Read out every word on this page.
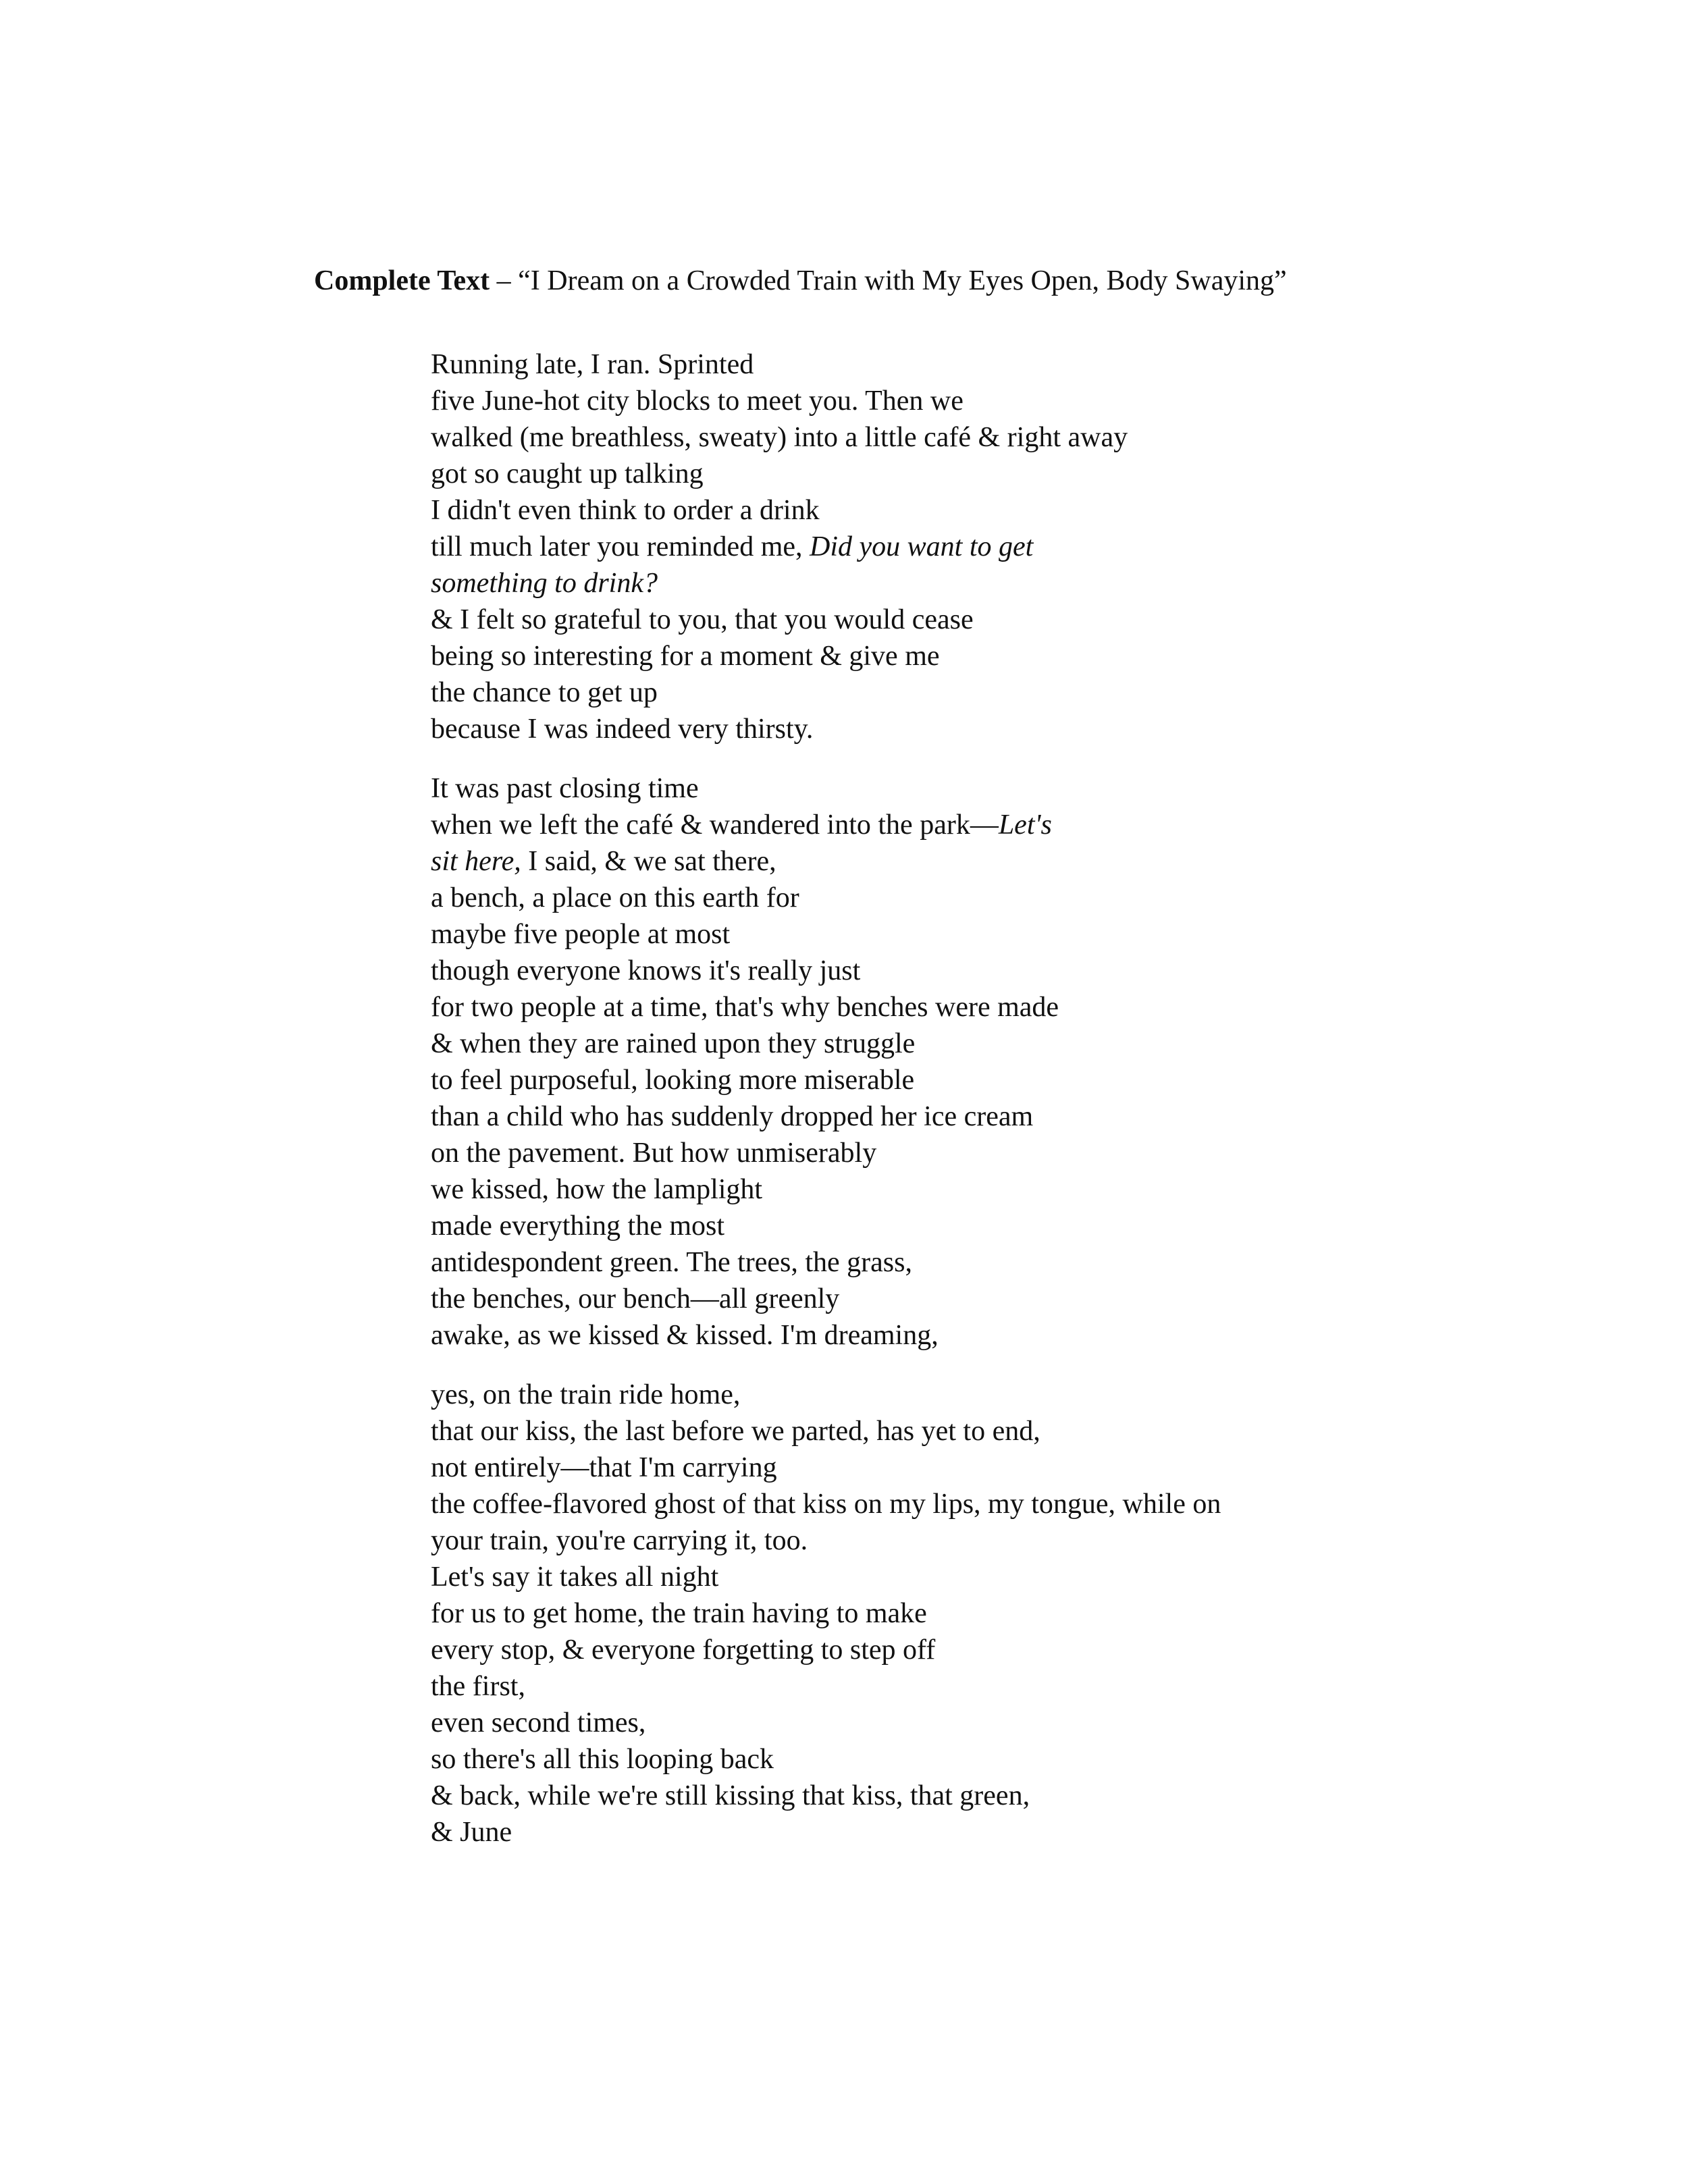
Complete Text – “I Dream on a Crowded Train with My Eyes Open, Body Swaying”
Running late, I ran. Sprinted
five June-hot city blocks to meet you. Then we
walked (me breathless, sweaty) into a little café & right away
got so caught up talking
I didn't even think to order a drink
till much later you reminded me, Did you want to get
something to drink?
& I felt so grateful to you, that you would cease
being so interesting for a moment & give me
the chance to get up
because I was indeed very thirsty.
It was past closing time
when we left the café & wandered into the park—Let's
sit here, I said, & we sat there,
a bench, a place on this earth for
maybe five people at most
though everyone knows it's really just
for two people at a time, that's why benches were made
& when they are rained upon they struggle
to feel purposeful, looking more miserable
than a child who has suddenly dropped her ice cream
on the pavement. But how unmiserably
we kissed, how the lamplight
made everything the most
antidespondent green. The trees, the grass,
the benches, our bench—all greenly
awake, as we kissed & kissed. I'm dreaming,
yes, on the train ride home,
that our kiss, the last before we parted, has yet to end,
not entirely—that I'm carrying
the coffee-flavored ghost of that kiss on my lips, my tongue, while on
your train, you're carrying it, too.
Let's say it takes all night
for us to get home, the train having to make
every stop, & everyone forgetting to step off
the first,
even second times,
so there's all this looping back
& back, while we're still kissing that kiss, that green,
& June
